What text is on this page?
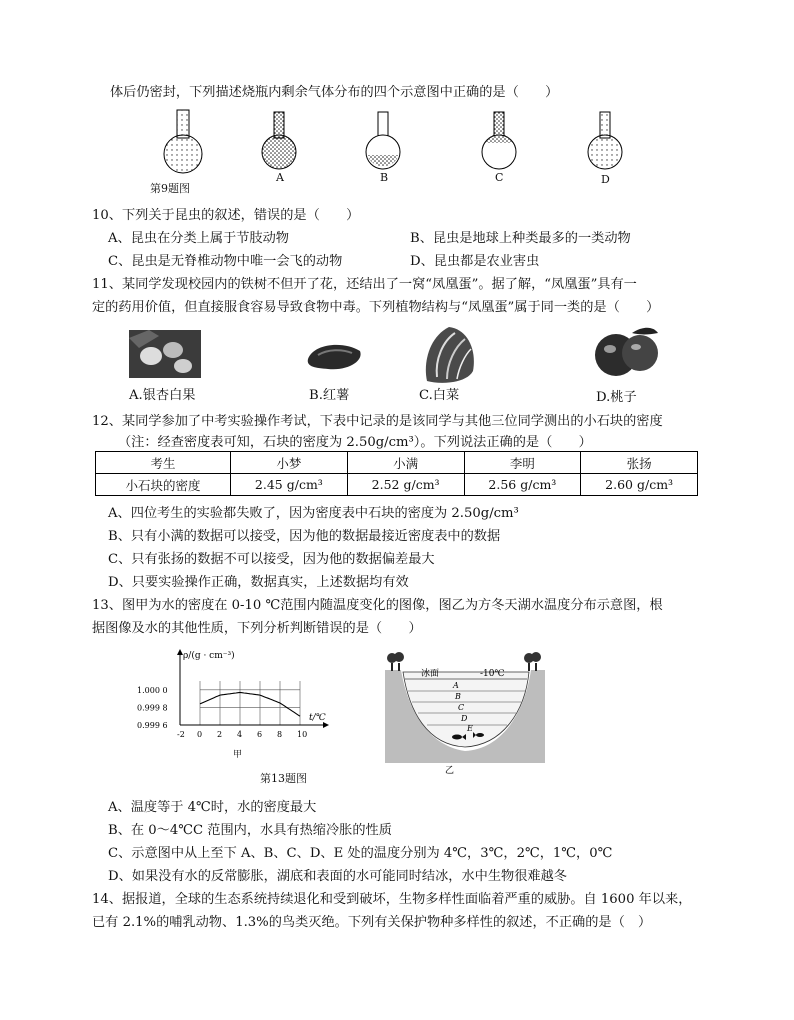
体后仍密封，下列描述烧瓶内剩余气体分布的四个示意图中正确的是（　　）
第9题图
A	B	C	D
10、下列关于昆虫的叙述，错误的是（　　）
A、昆虫在分类上属于节肢动物	B、昆虫是地球上种类最多的一类动物
C、昆虫是无脊椎动物中唯一会飞的动物	D、昆虫都是农业害虫
11、某同学发现校园内的铁树不但开了花，还结出了一窝“凤凰蛋”。据了解，“凤凰蛋”具有一
定的药用价值，但直接服食容易导致食物中毒。下列植物结构与“凤凰蛋”属于同一类的是（　　）
A.银杏白果	B.红薯	C.白菜	D.桃子
12、某同学参加了中考实验操作考试，下表中记录的是该同学与其他三位同学测出的小石块的密度
（注：经查密度表可知，石块的密度为 2.50g/cm³）。下列说法正确的是（　　）
考生	小梦	小满	李明	张扬
小石块的密度	2.45 g/cm³	2.52 g/cm³	2.56 g/cm³	2.60 g/cm³
A、四位考生的实验都失败了，因为密度表中石块的密度为 2.50g/cm³
B、只有小满的数据可以接受，因为他的数据最接近密度表中的数据
C、只有张扬的数据不可以接受，因为他的数据偏差最大
D、只要实验操作正确，数据真实，上述数据均有效
13、图甲为水的密度在 0-10 ℃范围内随温度变化的图像，图乙为方冬天湖水温度分布示意图，根
据图像及水的其他性质，下列分析判断错误的是（　　）
1.000 0
0.999 8
0.999 6
-2 0 2 4 6 8 10
ρ/(g · cm⁻³)
t/℃
甲
冰面	-10℃
A
B
C
D
E
乙
第13题图
A、温度等于 4℃时，水的密度最大
B、在 0～4℃C 范围内，水具有热缩冷胀的性质
C、示意图中从上至下 A、B、C、D、E 处的温度分别为 4℃，3℃，2℃，1℃，0℃
D、如果没有水的反常膨胀，湖底和表面的水可能同时结冰，水中生物很难越冬
14、据报道，全球的生态系统持续退化和受到破坏，生物多样性面临着严重的威胁。自 1600 年以来，
已有 2.1%的哺乳动物、1.3%的鸟类灭绝。下列有关保护物种多样性的叙述，不正确的是（　）
